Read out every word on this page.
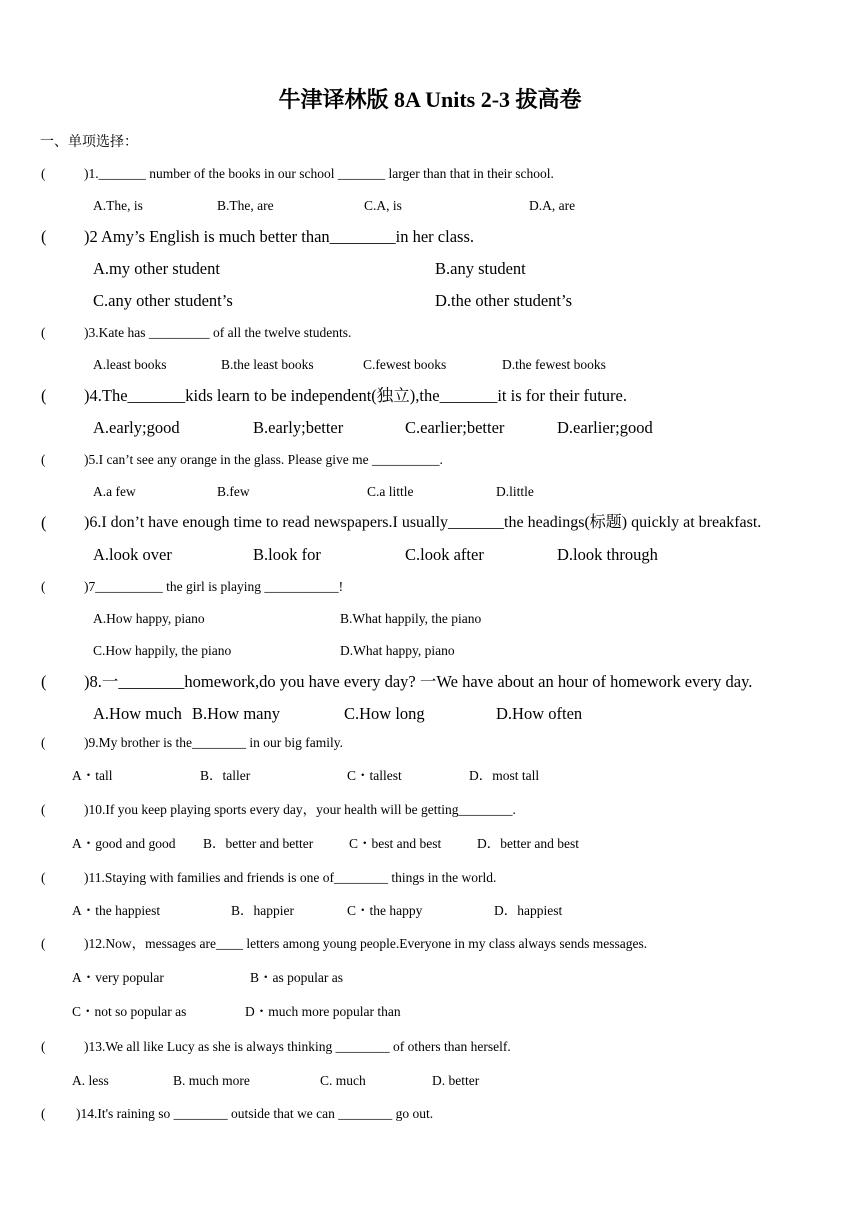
牛津译林版 8A Units 2-3 拔高卷
一、单项选择：
(	)1._______ number of the books in our school _______ larger than that in their school.
A.The, is	B.The, are	C.A, is	D.A, are
( )2 Amy’s English is much better than________in her class.
A.my other student	B.any student
C.any other student’s	D.the other student’s
(	)3.Kate has _________ of all the twelve students.
A.least books	B.the least books	C.fewest books	D.the fewest books
( )4.The_______kids learn to be independent(独立),the_______it is for their future.
A.early;good	B.early;better	C.earlier;better	D.earlier;good
(	)5.I can’t see any orange in the glass. Please give me __________.
A.a few	B.few	C.a little	D.little
( )6.I don’t have enough time to read newspapers.I usually_______the headings(标题) quickly at breakfast.
A.look over	B.look for	C.look after	D.look through
(	)7__________ the girl is playing ___________!
A.How happy, piano	B.What happily, the piano
C.How happily, the piano	D.What happy, piano
( )8.一________homework,do you have every day? 一We have about an hour of homework every day.
A.How much B.How many	C.How long	D.How often
(	)9.My brother is the________ in our big family.
A・tall	B．taller	C・tallest	D．most tall
(	)10.If you keep playing sports every day，your health will be getting________.
A・good and good B．better and better	C・best and best	D．better and best
(	)11.Staying with families and friends is one of________ things in the world.
A・the happiest	B．happier	C・the happy	D．happiest
(	)12.Now，messages are____ letters among young people.Everyone in my class always sends messages.
A・very popular	B・as popular as
C・not so popular as	D・much more popular than
(	)13.We all like Lucy as she is always thinking ________ of others than herself.
A. less	B. much more	C. much	D. better
( )14.It's raining so ________ outside that we can ________ go out.
